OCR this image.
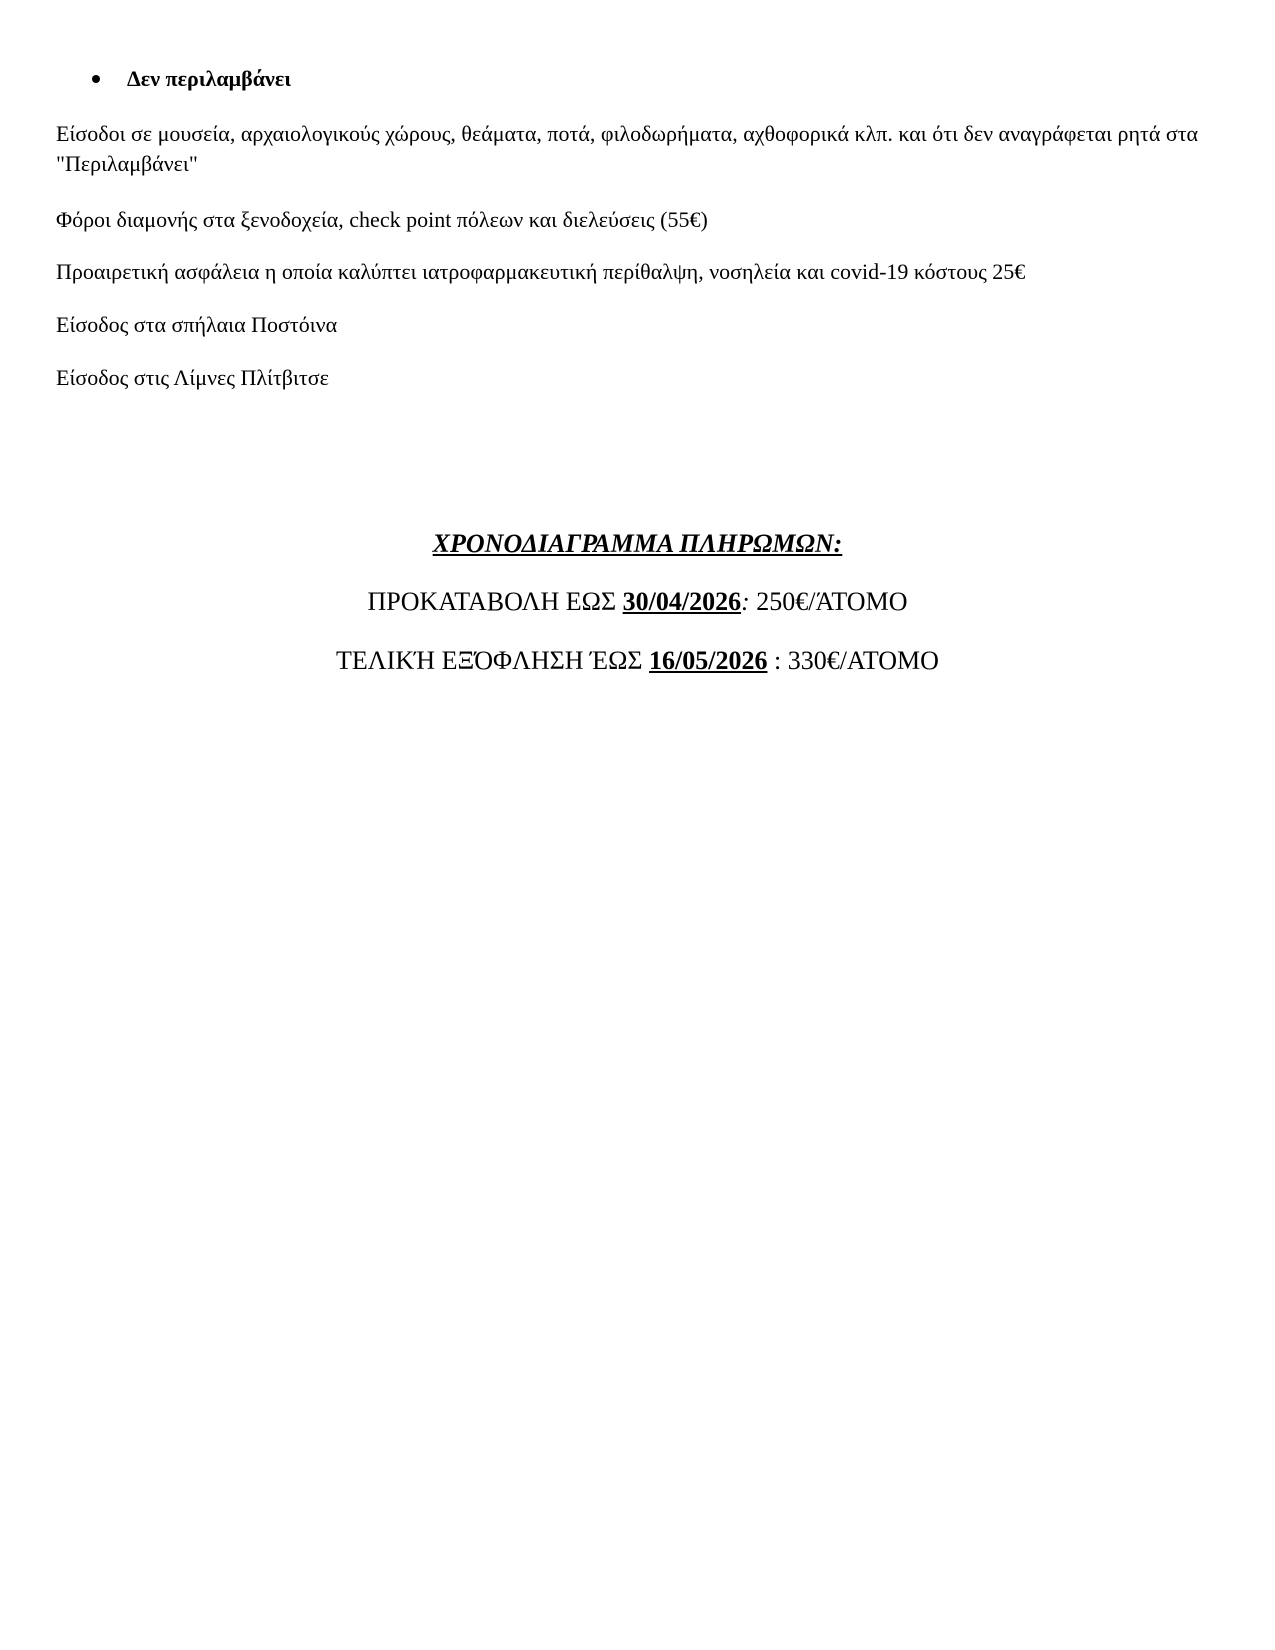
Δεν περιλαμβάνει

Είσοδοι σε μουσεία, αρχαιολογικούς χώρους, θεάματα, ποτά, φιλοδωρήματα, αχθοφορικά κλπ. και ότι δεν αναγράφεται ρητά στα "Περιλαμβάνει"

Φόροι διαμονής στα ξενοδοχεία, check point πόλεων και διελεύσεις (55€)

Προαιρετική ασφάλεια η οποία καλύπτει ιατροφαρμακευτική περίθαλψη, νοσηλεία και covid-19 κόστους 25€

Είσοδος στα σπήλαια Ποστόινα

Είσοδος στις Λίμνες Πλίτβιτσε

ΧΡΟΝΟΔΙΑΓΡΑΜΜΑ ΠΛΗΡΩΜΩΝ:
ΠΡΟΚΑΤΑΒΟΛΗ ΕΩΣ 30/04/2026: 250€/ΆΤΟΜΟ
ΤΕΛΙΚΉ ΕΞΌΦΛΗΣΗ ΈΩΣ 16/05/2026 : 330€/ΑΤΟΜΟ
